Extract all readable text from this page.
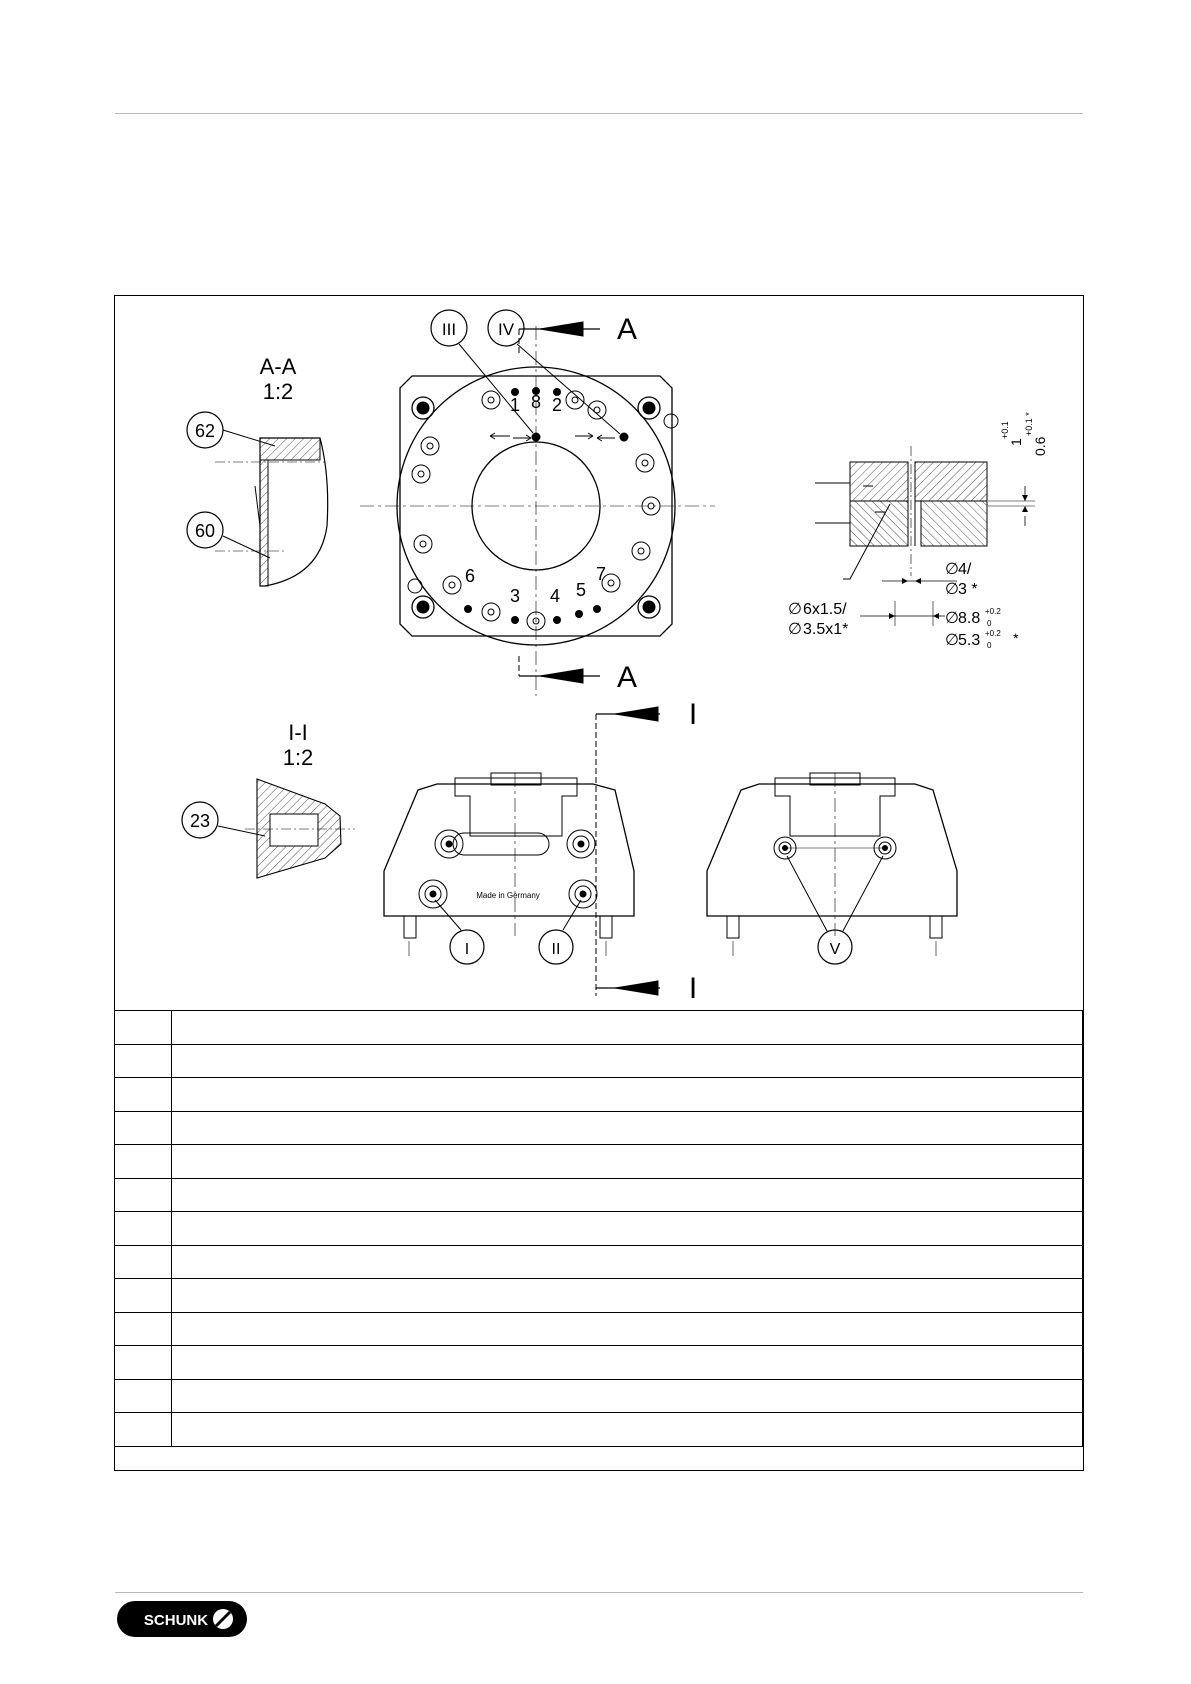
A-A
1:2
62
60
1 8 2
6
3 4 5
7
III IV	A
A
1
+0.1
0.6
+0.1 *
∅ 4/
∅ 3 *
∅ 8.8 +0.2
0
∅ 5.3 +0.2
0 *
∅ 6x1.5/
∅ 3.5x1*
I-I
1:2
23
Made in Germany
I	II
I
I
V

SCHUNK
